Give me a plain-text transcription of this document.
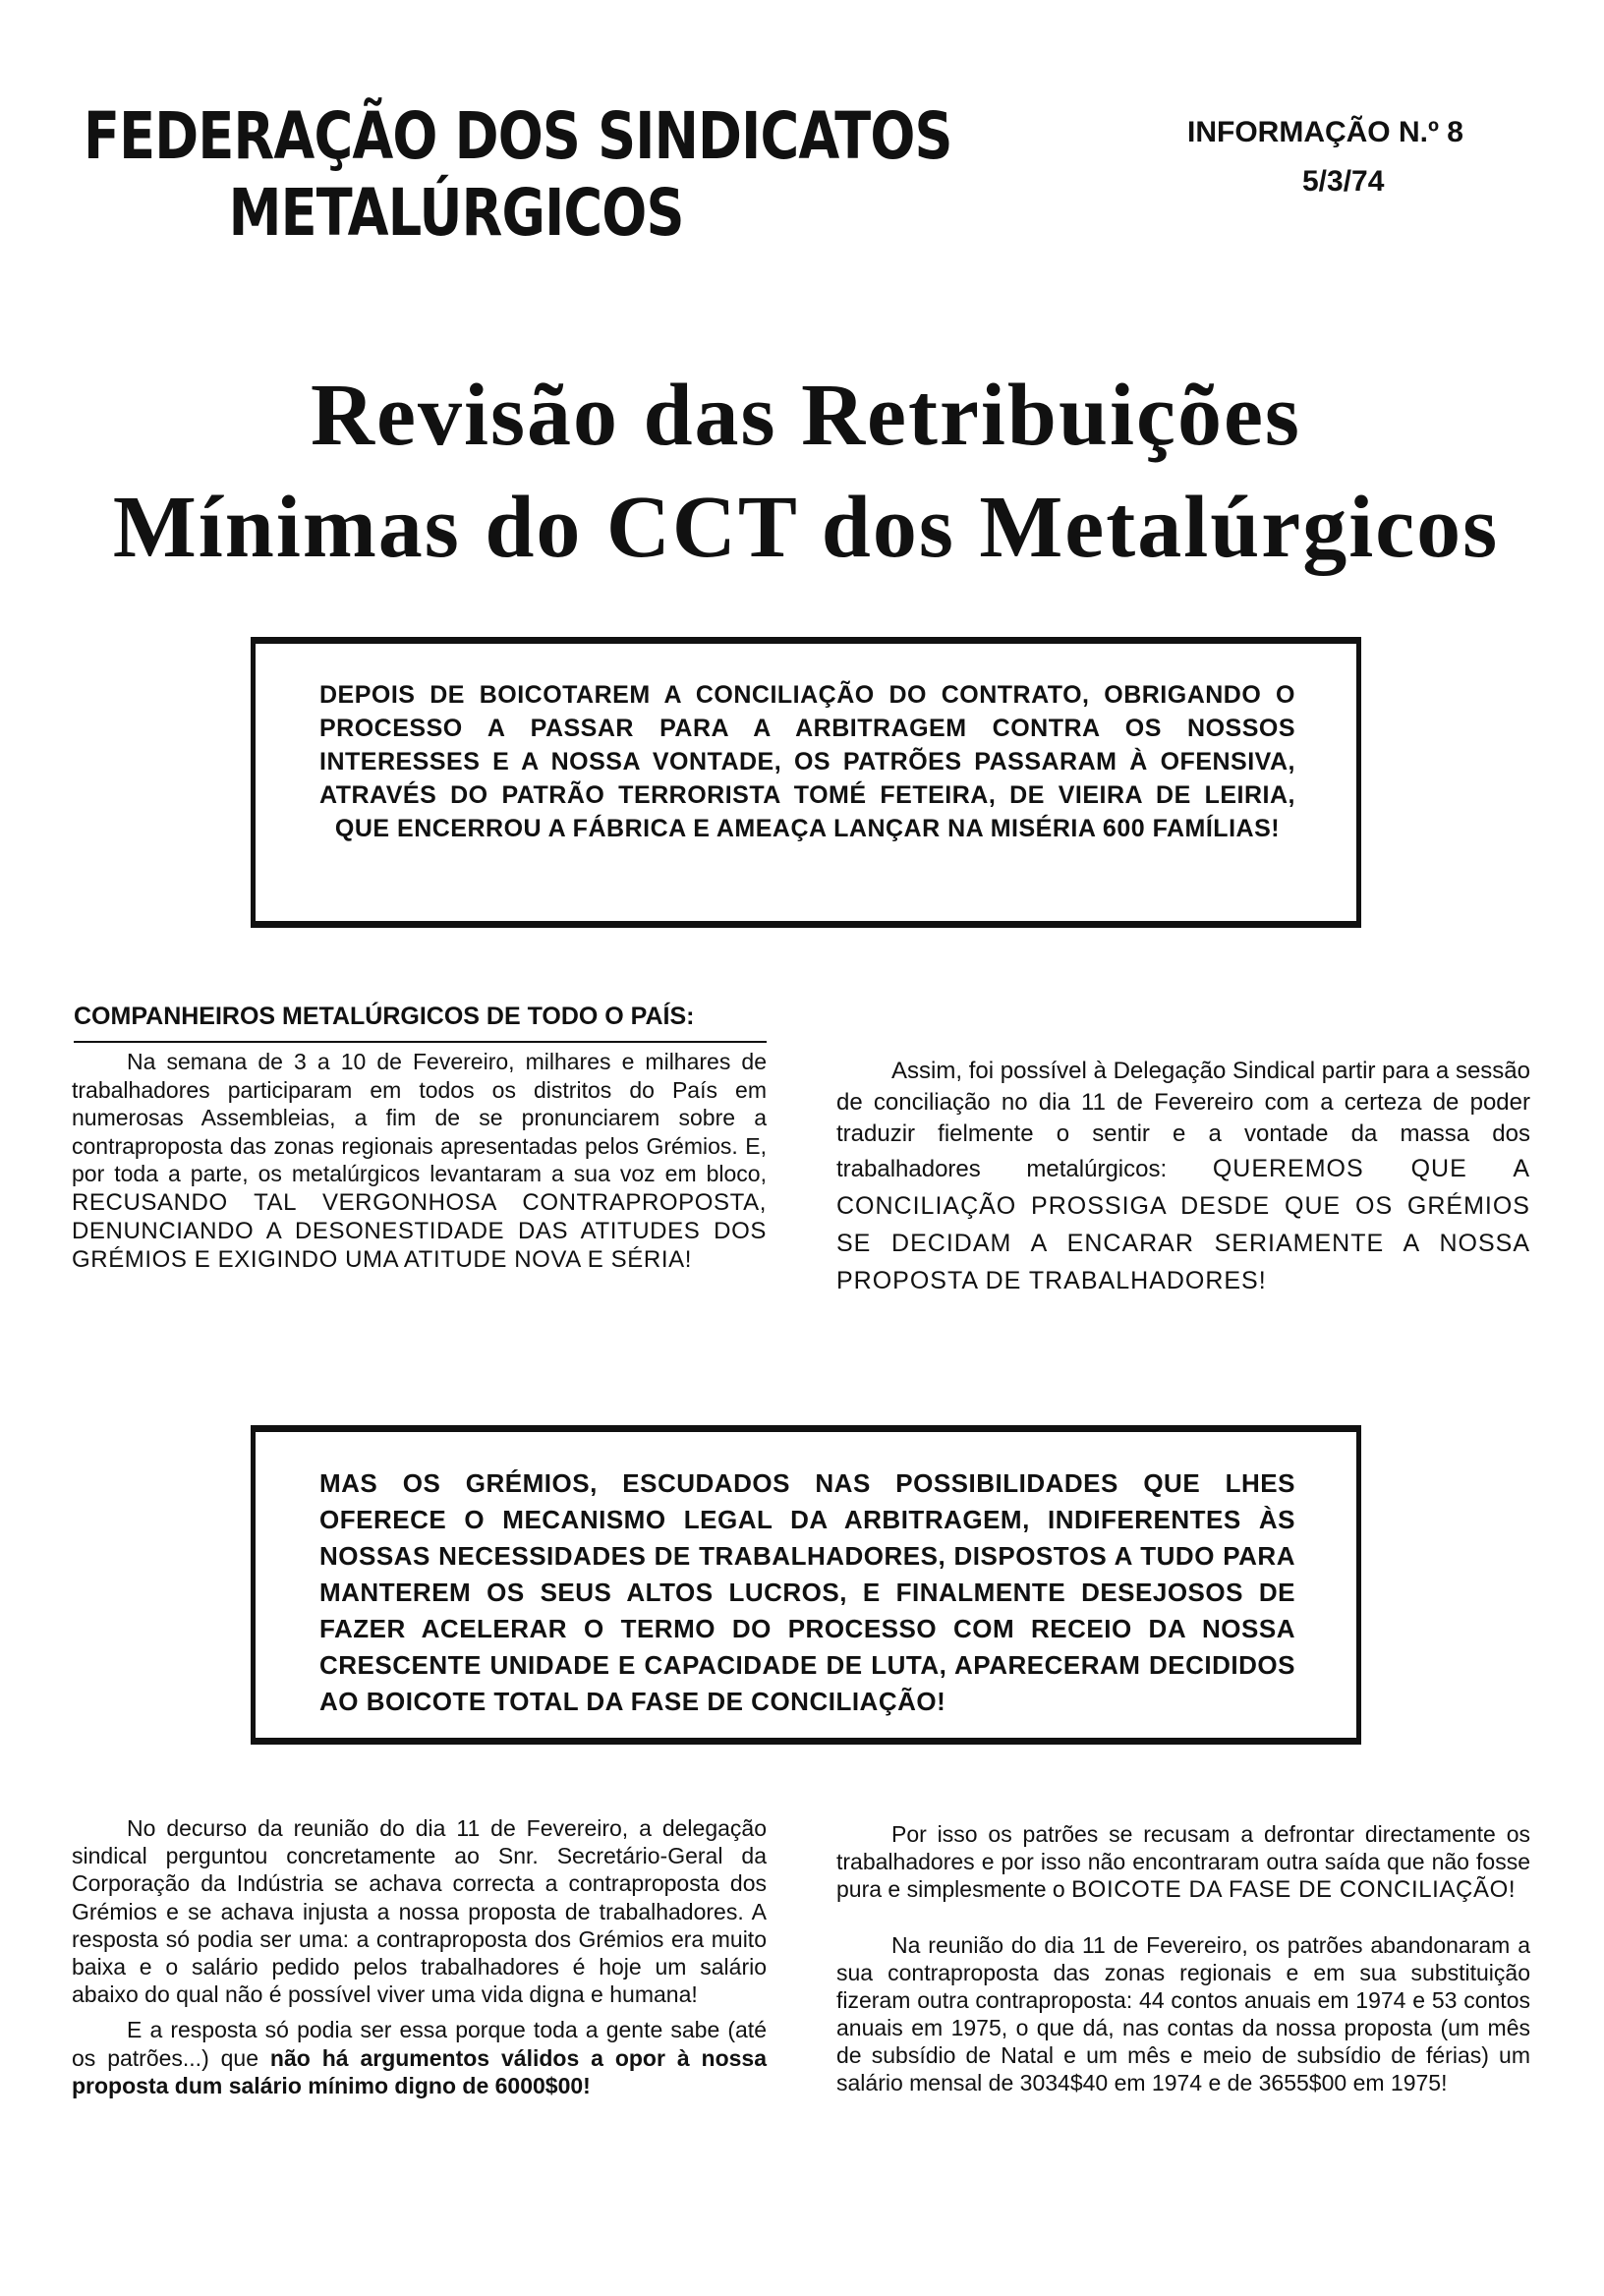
FEDERAÇÃO DOS SINDICATOS
METALÚRGICOS
INFORMAÇÃO N.º 8
5/3/74
Revisão das Retribuições
Mínimas do CCT dos Metalúrgicos

DEPOIS DE BOICOTAREM A CONCILIAÇÃO DO CONTRATO, OBRIGANDO O PROCESSO A PASSAR PARA A ARBITRAGEM CONTRA OS NOSSOS INTERESSES E A NOSSA VONTADE, OS PATRÕES PASSARAM À OFENSIVA, ATRAVÉS DO PATRÃO TERRORISTA TOMÉ FETEIRA, DE VIEIRA DE LEIRIA, QUE ENCERROU A FÁBRICA E AMEAÇA LANÇAR NA MISÉRIA 600 FAMÍLIAS!

COMPANHEIROS METALÚRGICOS DE TODO O PAÍS:

Na semana de 3 a 10 de Fevereiro, milhares e milhares de trabalhadores participaram em todos os distritos do País em numerosas Assembleias, a fim de se pronunciarem sobre a contraproposta das zonas regionais apresentadas pelos Grémios. E, por toda a parte, os metalúrgicos levantaram a sua voz em bloco, RECUSANDO TAL VERGONHOSA CONTRAPROPOSTA, DENUNCIANDO A DESONESTIDADE DAS ATITUDES DOS GRÉMIOS E EXIGINDO UMA ATITUDE NOVA E SÉRIA!

Assim, foi possível à Delegação Sindical partir para a sessão de conciliação no dia 11 de Fevereiro com a certeza de poder traduzir fielmente o sentir e a vontade da massa dos trabalhadores metalúrgicos: QUEREMOS QUE A CONCILIAÇÃO PROSSIGA DESDE QUE OS GRÉMIOS SE DECIDAM A ENCARAR SERIAMENTE A NOSSA PROPOSTA DE TRABALHADORES!

MAS OS GRÉMIOS, ESCUDADOS NAS POSSIBILIDADES QUE LHES OFERECE O MECANISMO LEGAL DA ARBITRAGEM, INDIFERENTES ÀS NOSSAS NECESSIDADES DE TRABALHADORES, DISPOSTOS A TUDO PARA MANTEREM OS SEUS ALTOS LUCROS, E FINALMENTE DESEJOSOS DE FAZER ACELERAR O TERMO DO PROCESSO COM RECEIO DA NOSSA CRESCENTE UNIDADE E CAPACIDADE DE LUTA, APARECERAM DECIDIDOS AO BOICOTE TOTAL DA FASE DE CONCILIAÇÃO!

No decurso da reunião do dia 11 de Fevereiro, a delegação sindical perguntou concretamente ao Snr. Secretário-Geral da Corporação da Indústria se achava correcta a contraproposta dos Grémios e se achava injusta a nossa proposta de trabalhadores. A resposta só podia ser uma: a contraproposta dos Grémios era muito baixa e o salário pedido pelos trabalhadores é hoje um salário abaixo do qual não é possível viver uma vida digna e humana!

E a resposta só podia ser essa porque toda a gente sabe (até os patrões...) que não há argumentos válidos a opor à nossa proposta dum salário mínimo digno de 6000$00!

Por isso os patrões se recusam a defrontar directamente os trabalhadores e por isso não encontraram outra saída que não fosse pura e simplesmente o BOICOTE DA FASE DE CONCILIAÇÃO!

Na reunião do dia 11 de Fevereiro, os patrões abandonaram a sua contraproposta das zonas regionais e em sua substituição fizeram outra contraproposta: 44 contos anuais em 1974 e 53 contos anuais em 1975, o que dá, nas contas da nossa proposta (um mês de subsídio de Natal e um mês e meio de subsídio de férias) um salário mensal de 3034$40 em 1974 e de 3655$00 em 1975!
